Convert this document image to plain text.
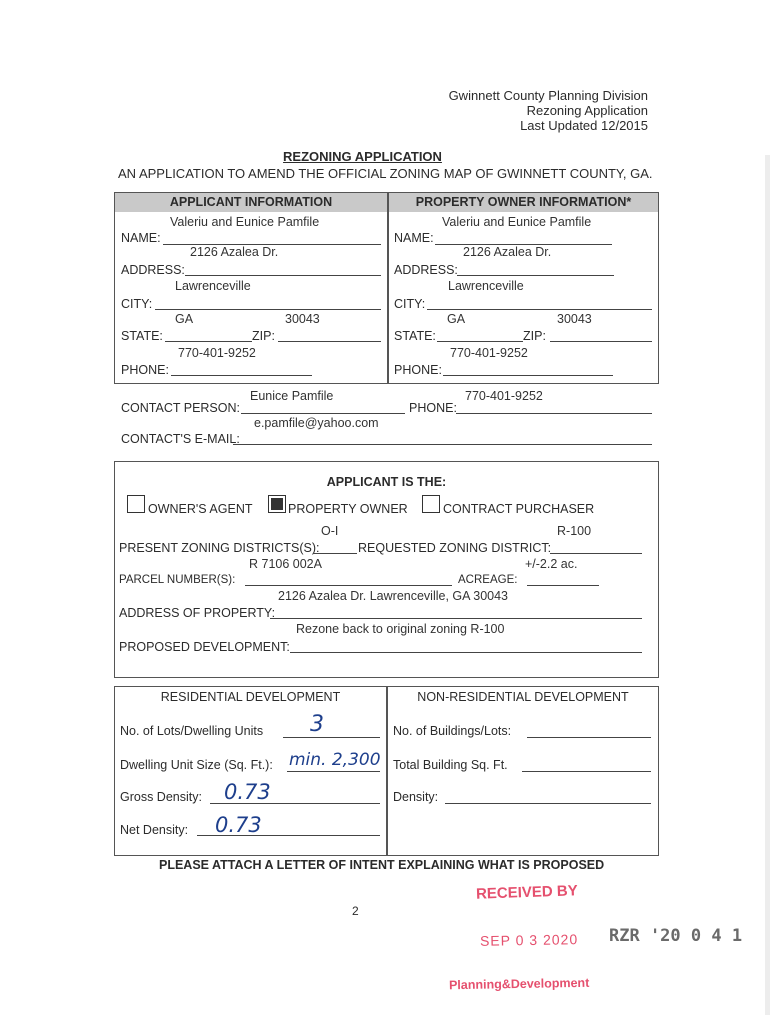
Gwinnett County Planning Division
Rezoning Application
Last Updated 12/2015
REZONING APPLICATION
AN APPLICATION TO AMEND THE OFFICIAL ZONING MAP OF GWINNETT COUNTY, GA.
APPLICANT INFORMATION	PROPERTY OWNER INFORMATION*
Valeriu and Eunice Pamfile
NAME:
2126 Azalea Dr.
ADDRESS:
Lawrenceville
CITY:
GA	30043
STATE:	ZIP:
770-401-9252
PHONE:
Valeriu and Eunice Pamfile
NAME:
2126 Azalea Dr.
ADDRESS:
Lawrenceville
CITY:
GA	30043
STATE:	ZIP:
770-401-9252
PHONE:
Eunice Pamfile
CONTACT PERSON:
770-401-9252
PHONE:
e.pamfile@yahoo.com
CONTACT'S E-MAIL:
APPLICANT IS THE:
OWNER'S AGENT	PROPERTY OWNER	CONTRACT PURCHASER
O-I	R-100
PRESENT ZONING DISTRICTS(S):	REQUESTED ZONING DISTRICT:
R 7106 002A	+/-2.2 ac.
PARCEL NUMBER(S):	ACREAGE:
2126 Azalea Dr. Lawrenceville, GA 30043
ADDRESS OF PROPERTY:
Rezone back to original zoning R-100
PROPOSED DEVELOPMENT:
RESIDENTIAL DEVELOPMENT	NON-RESIDENTIAL DEVELOPMENT
No. of Lots/Dwelling Units 3
Dwelling Unit Size (Sq. Ft.): min. 2,300
Gross Density: 0.73
Net Density: 0.73
No. of Buildings/Lots:
Total Building Sq. Ft.
Density:
PLEASE ATTACH A LETTER OF INTENT EXPLAINING WHAT IS PROPOSED
2
RECEIVED BY
SEP 0 3 2020 RZR '20 0 4 1
Planning&Development
